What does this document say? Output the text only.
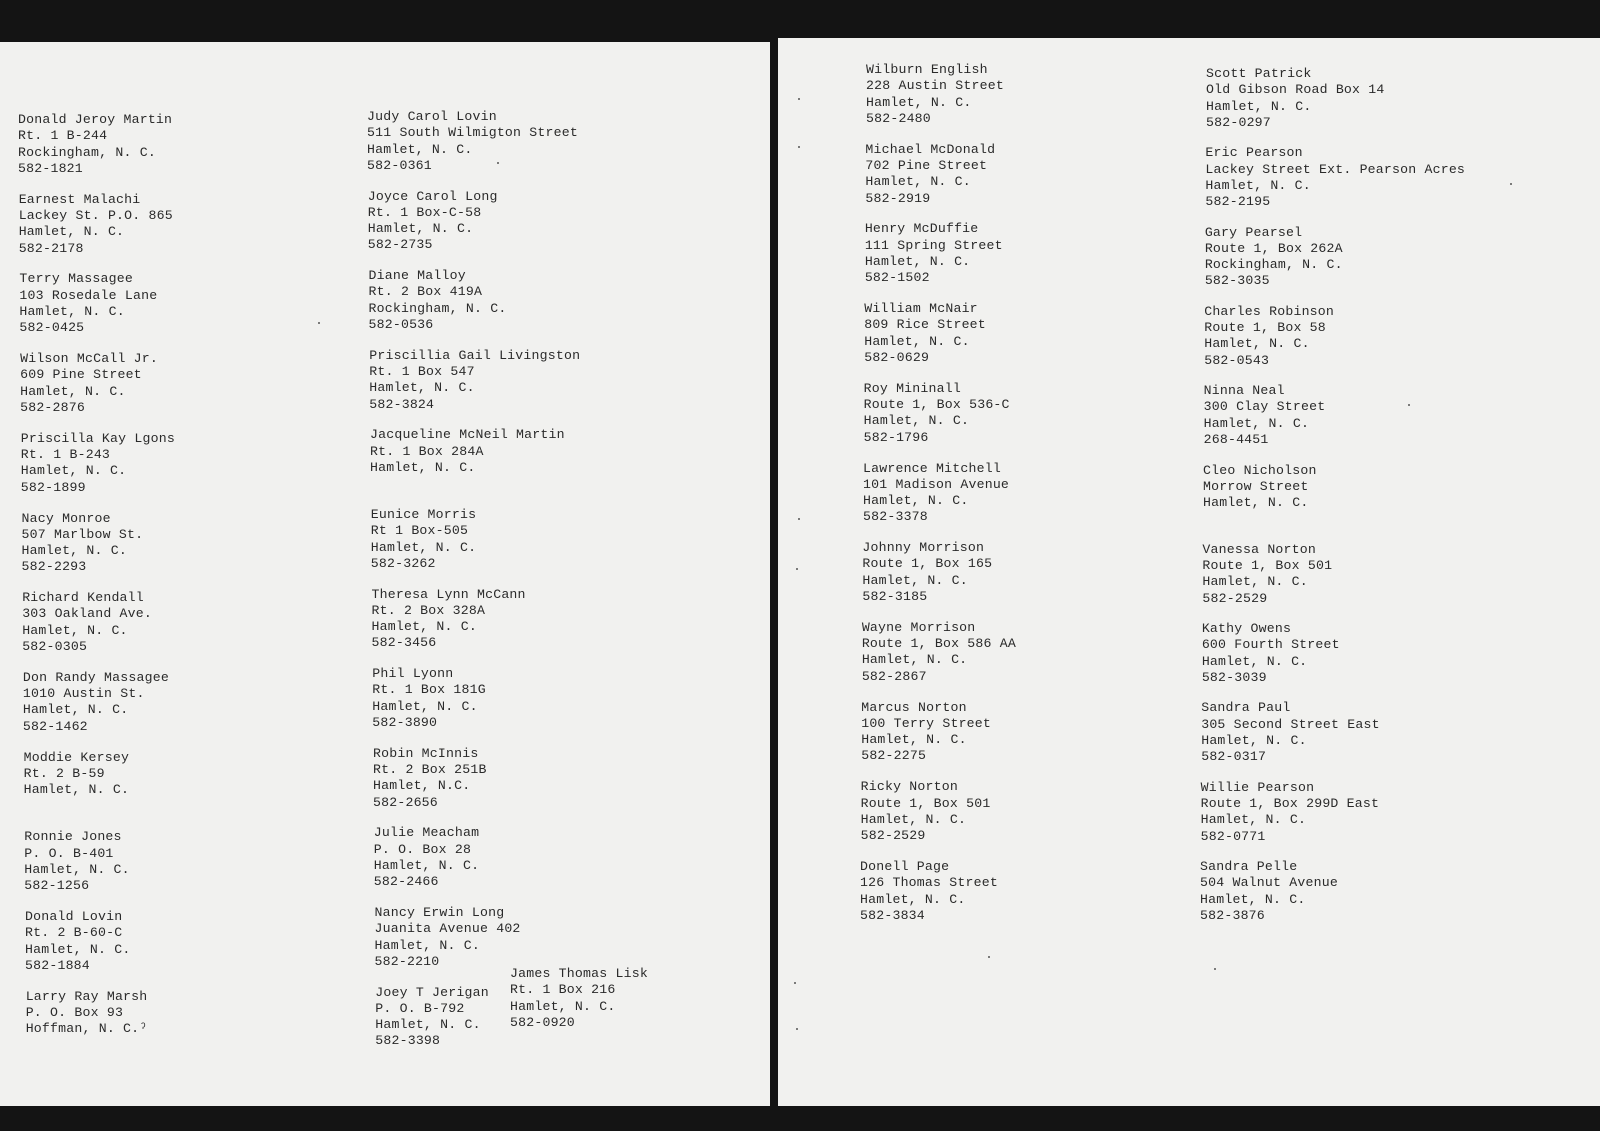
Donald Jeroy Martin
Rt. 1 B-244
Rockingham, N. C.
582-1821
Earnest Malachi
Lackey St. P.O. 865
Hamlet, N. C.
582-2178
Terry Massagee
103 Rosedale Lane
Hamlet, N. C.
582-0425
Wilson McCall Jr.
609 Pine Street
Hamlet, N. C.
582-2876
Priscilla Kay Lgons
Rt. 1 B-243
Hamlet, N. C.
582-1899
Nacy Monroe
507 Marlbow St.
Hamlet, N. C.
582-2293
Richard Kendall
303 Oakland Ave.
Hamlet, N. C.
582-0305
Don Randy Massagee
1010 Austin St.
Hamlet, N. C.
582-1462
Moddie Kersey
Rt. 2 B-59
Hamlet, N. C.
Ronnie Jones
P. O. B-401
Hamlet, N. C.
582-1256
Donald Lovin
Rt. 2 B-60-C
Hamlet, N. C.
582-1884
Larry Ray Marsh
P. O. Box 93
Hoffman, N. C.ˀ
Judy Carol Lovin
511 South Wilmigton Street
Hamlet, N. C.
582-0361
Joyce Carol Long
Rt. 1 Box-C-58
Hamlet, N. C.
582-2735
Diane Malloy
Rt. 2 Box 419A
Rockingham, N. C.
582-0536
Priscillia Gail Livingston
Rt. 1 Box 547
Hamlet, N. C.
582-3824
Jacqueline McNeil Martin
Rt. 1 Box 284A
Hamlet, N. C.
Eunice Morris
Rt 1 Box-505
Hamlet, N. C.
582-3262
Theresa Lynn McCann
Rt. 2 Box 328A
Hamlet, N. C.
582-3456
Phil Lyonn
Rt. 1 Box 181G
Hamlet, N. C.
582-3890
Robin McInnis
Rt. 2 Box 251B
Hamlet, N.C.
582-2656
Julie Meacham
P. O. Box 28
Hamlet, N. C.
582-2466
Nancy Erwin Long
Juanita Avenue 402
Hamlet, N. C.
582-2210
Joey T Jerigan
P. O. B-792
Hamlet, N. C.
582-3398
James Thomas Lisk
Rt. 1 Box 216
Hamlet, N. C.
582-0920
Wilburn English
228 Austin Street
Hamlet, N. C.
582-2480
Michael McDonald
702 Pine Street
Hamlet, N. C.
582-2919
Henry McDuffie
111 Spring Street
Hamlet, N. C.
582-1502
William McNair
809 Rice Street
Hamlet, N. C.
582-0629
Roy Mininall
Route 1, Box 536-C
Hamlet, N. C.
582-1796
Lawrence Mitchell
101 Madison Avenue
Hamlet, N. C.
582-3378
Johnny Morrison
Route 1, Box 165
Hamlet, N. C.
582-3185
Wayne Morrison
Route 1, Box 586 AA
Hamlet, N. C.
582-2867
Marcus Norton
100 Terry Street
Hamlet, N. C.
582-2275
Ricky Norton
Route 1, Box 501
Hamlet, N. C.
582-2529
Donell Page
126 Thomas Street
Hamlet, N. C.
582-3834
Scott Patrick
Old Gibson Road Box 14
Hamlet, N. C.
582-0297
Eric Pearson
Lackey Street Ext. Pearson Acres
Hamlet, N. C.
582-2195
Gary Pearsel
Route 1, Box 262A
Rockingham, N. C.
582-3035
Charles Robinson
Route 1, Box 58
Hamlet, N. C.
582-0543
Ninna Neal
300 Clay Street
Hamlet, N. C.
268-4451
Cleo Nicholson
Morrow Street
Hamlet, N. C.
Vanessa Norton
Route 1, Box 501
Hamlet, N. C.
582-2529
Kathy Owens
600 Fourth Street
Hamlet, N. C.
582-3039
Sandra Paul
305 Second Street East
Hamlet, N. C.
582-0317
Willie Pearson
Route 1, Box 299D East
Hamlet, N. C.
582-0771
Sandra Pelle
504 Walnut Avenue
Hamlet, N. C.
582-3876
